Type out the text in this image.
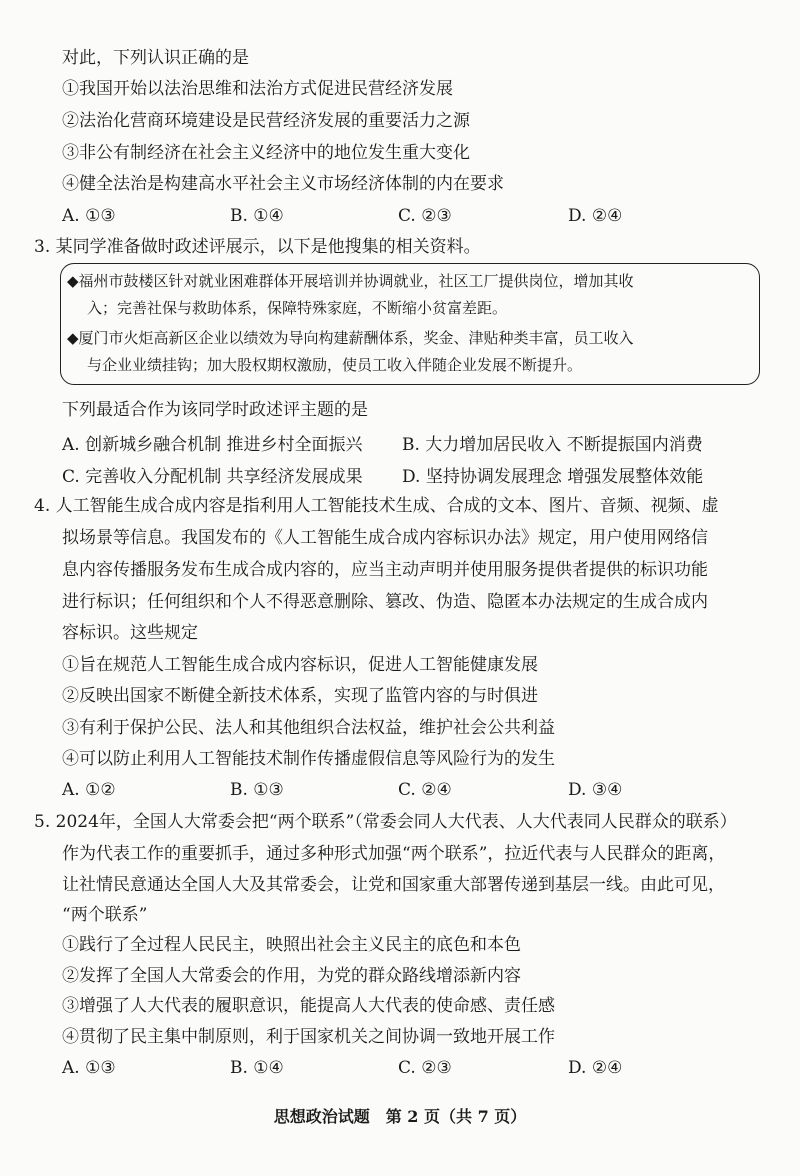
对此，下列认识正确的是
①我国开始以法治思维和法治方式促进民营经济发展
②法治化营商环境建设是民营经济发展的重要活力之源
③非公有制经济在社会主义经济中的地位发生重大变化
④健全法治是构建高水平社会主义市场经济体制的内在要求
A. ①③	B. ①④	C. ②③	D. ②④
3. 某同学准备做时政述评展示，以下是他搜集的相关资料。
◆福州市鼓楼区针对就业困难群体开展培训并协调就业，社区工厂提供岗位，增加其收
入；完善社保与救助体系，保障特殊家庭，不断缩小贫富差距。
◆厦门市火炬高新区企业以绩效为导向构建薪酬体系，奖金、津贴种类丰富，员工收入
与企业业绩挂钩；加大股权期权激励，使员工收入伴随企业发展不断提升。
下列最适合作为该同学时政述评主题的是
A. 创新城乡融合机制 推进乡村全面振兴 B. 大力增加居民收入 不断提振国内消费
C. 完善收入分配机制 共享经济发展成果 D. 坚持协调发展理念 增强发展整体效能
4. 人工智能生成合成内容是指利用人工智能技术生成、合成的文本、图片、音频、视频、虚
拟场景等信息。我国发布的《人工智能生成合成内容标识办法》规定，用户使用网络信
息内容传播服务发布生成合成内容的，应当主动声明并使用服务提供者提供的标识功能
进行标识；任何组织和个人不得恶意删除、篡改、伪造、隐匿本办法规定的生成合成内
容标识。这些规定
①旨在规范人工智能生成合成内容标识，促进人工智能健康发展
②反映出国家不断健全新技术体系，实现了监管内容的与时俱进
③有利于保护公民、法人和其他组织合法权益，维护社会公共利益
④可以防止利用人工智能技术制作传播虚假信息等风险行为的发生
A. ①②	B. ①③	C. ②④	D. ③④
5. 2024年，全国人大常委会把“两个联系”（常委会同人大代表、人大代表同人民群众的联系）
作为代表工作的重要抓手，通过多种形式加强“两个联系”，拉近代表与人民群众的距离，
让社情民意通达全国人大及其常委会，让党和国家重大部署传递到基层一线。由此可见，
“两个联系”
①践行了全过程人民民主，映照出社会主义民主的底色和本色
②发挥了全国人大常委会的作用，为党的群众路线增添新内容
③增强了人大代表的履职意识，能提高人大代表的使命感、责任感
④贯彻了民主集中制原则，利于国家机关之间协调一致地开展工作
A. ①③	B. ①④	C. ②③	D. ②④
思想政治试题　第 2 页（共 7 页）
